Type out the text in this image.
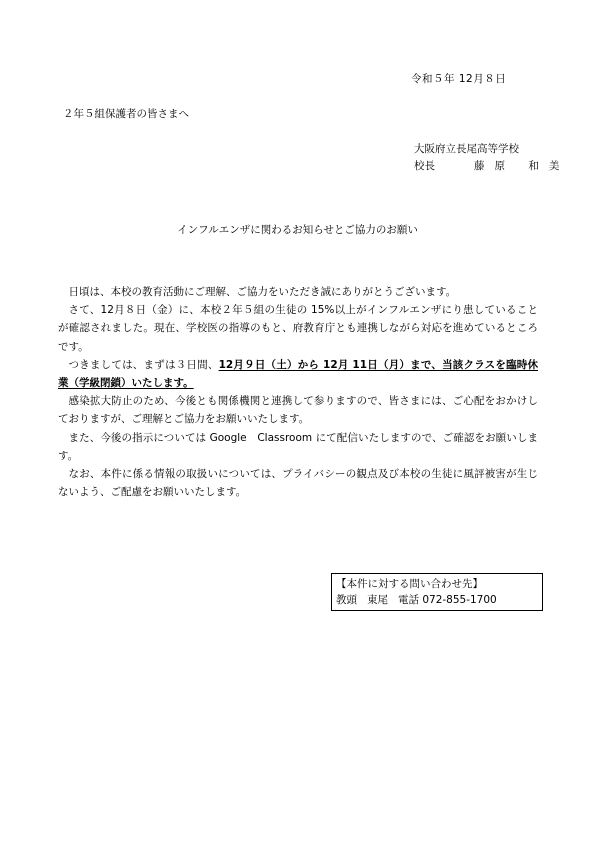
令和５年 12月８日
２年５組保護者の皆さまへ
大阪府立長尾高等学校
校長	藤原 和美
インフルエンザに関わるお知らせとご協力のお願い

日頃は、本校の教育活動にご理解、ご協力をいただき誠にありがとうございます。

さて、12月８日（金）に、本校２年５組の生徒の 15%以上がインフルエンザにり患していることが確認されました。現在、学校医の指導のもと、府教育庁とも連携しながら対応を進めているところです。

つきましては、まずは３日間、12月９日（土）から 12月 11日（月）まで、当該クラスを臨時休業（学級閉鎖）いたします。

感染拡大防止のため、今後とも関係機関と連携して参りますので、皆さまには、ご心配をおかけしておりますが、ご理解とご協力をお願いいたします。

また、今後の指示については Google　Classroom にて配信いたしますので、ご確認をお願いします。

なお、本件に係る情報の取扱いについては、プライバシーの観点及び本校の生徒に風評被害が生じないよう、ご配慮をお願いいたします。

【本件に対する問い合わせ先】
教頭 東尾 電話 072-855-1700
